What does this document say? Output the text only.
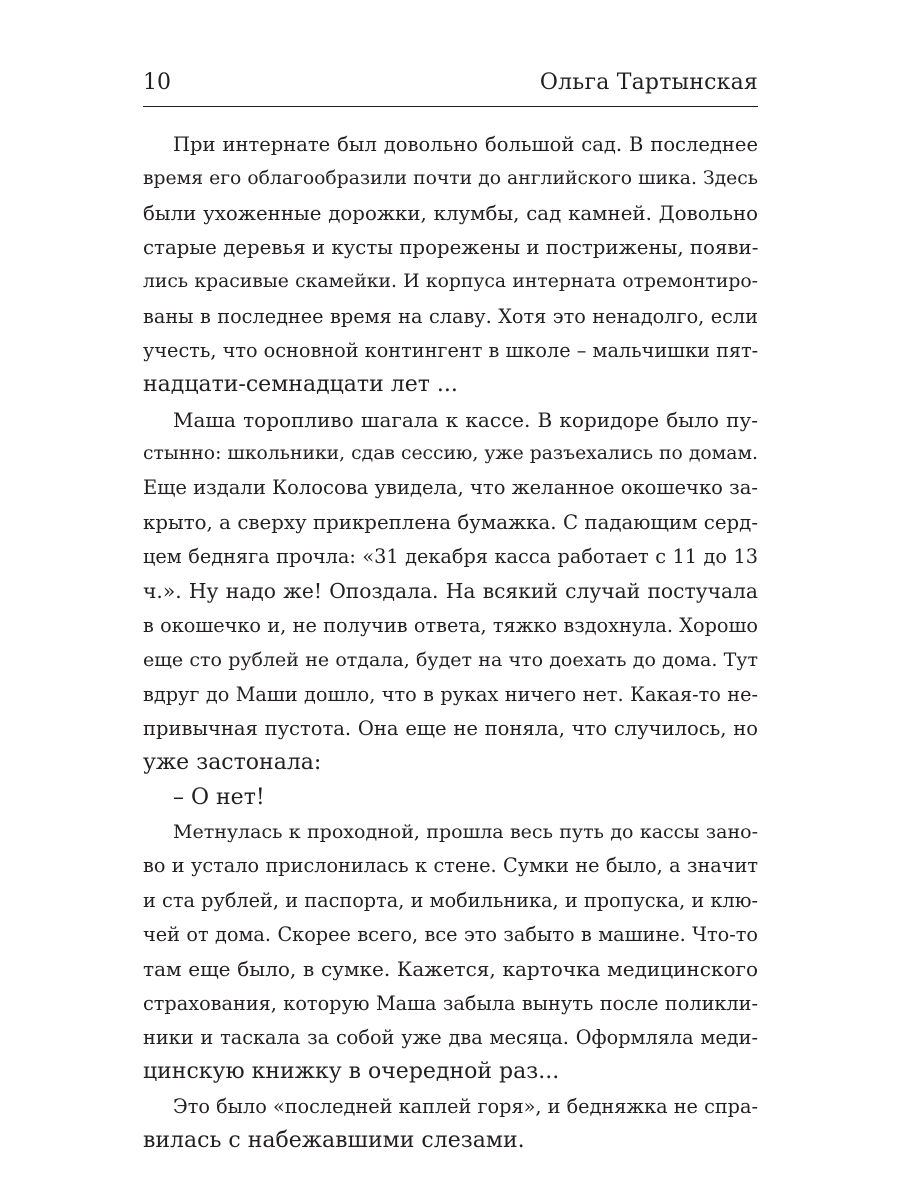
10	Ольга Тартынская
При интернате был довольно большой сад. В последнее
время его облагообразили почти до английского шика. Здесь
были ухоженные дорожки, клумбы, сад камней. Довольно
старые деревья и кусты прорежены и пострижены, появи-
лись красивые скамейки. И корпуса интерната отремонтиро-
ваны в последнее время на славу. Хотя это ненадолго, если
учесть, что основной контингент в школе – мальчишки пят-
надцати-семнадцати лет ...
Маша торопливо шагала к кассе. В коридоре было пу-
стынно: школьники, сдав сессию, уже разъехались по домам.
Еще издали Колосова увидела, что желанное окошечко за-
крыто, а сверху прикреплена бумажка. С падающим серд-
цем бедняга прочла: «31 декабря касса работает с 11 до 13
ч.». Ну надо же! Опоздала. На всякий случай постучала
в окошечко и, не получив ответа, тяжко вздохнула. Хорошо
еще сто рублей не отдала, будет на что доехать до дома. Тут
вдруг до Маши дошло, что в руках ничего нет. Какая-то не-
привычная пустота. Она еще не поняла, что случилось, но
уже застонала:
– О нет!
Метнулась к проходной, прошла весь путь до кассы зано-
во и устало прислонилась к стене. Сумки не было, а значит
и ста рублей, и паспорта, и мобильника, и пропуска, и клю-
чей от дома. Скорее всего, все это забыто в машине. Что-то
там еще было, в сумке. Кажется, карточка медицинского
страхования, которую Маша забыла вынуть после поликли-
ники и таскала за собой уже два месяца. Оформляла меди-
цинскую книжку в очередной раз...
Это было «последней каплей горя», и бедняжка не спра-
вилась с набежавшими слезами.
